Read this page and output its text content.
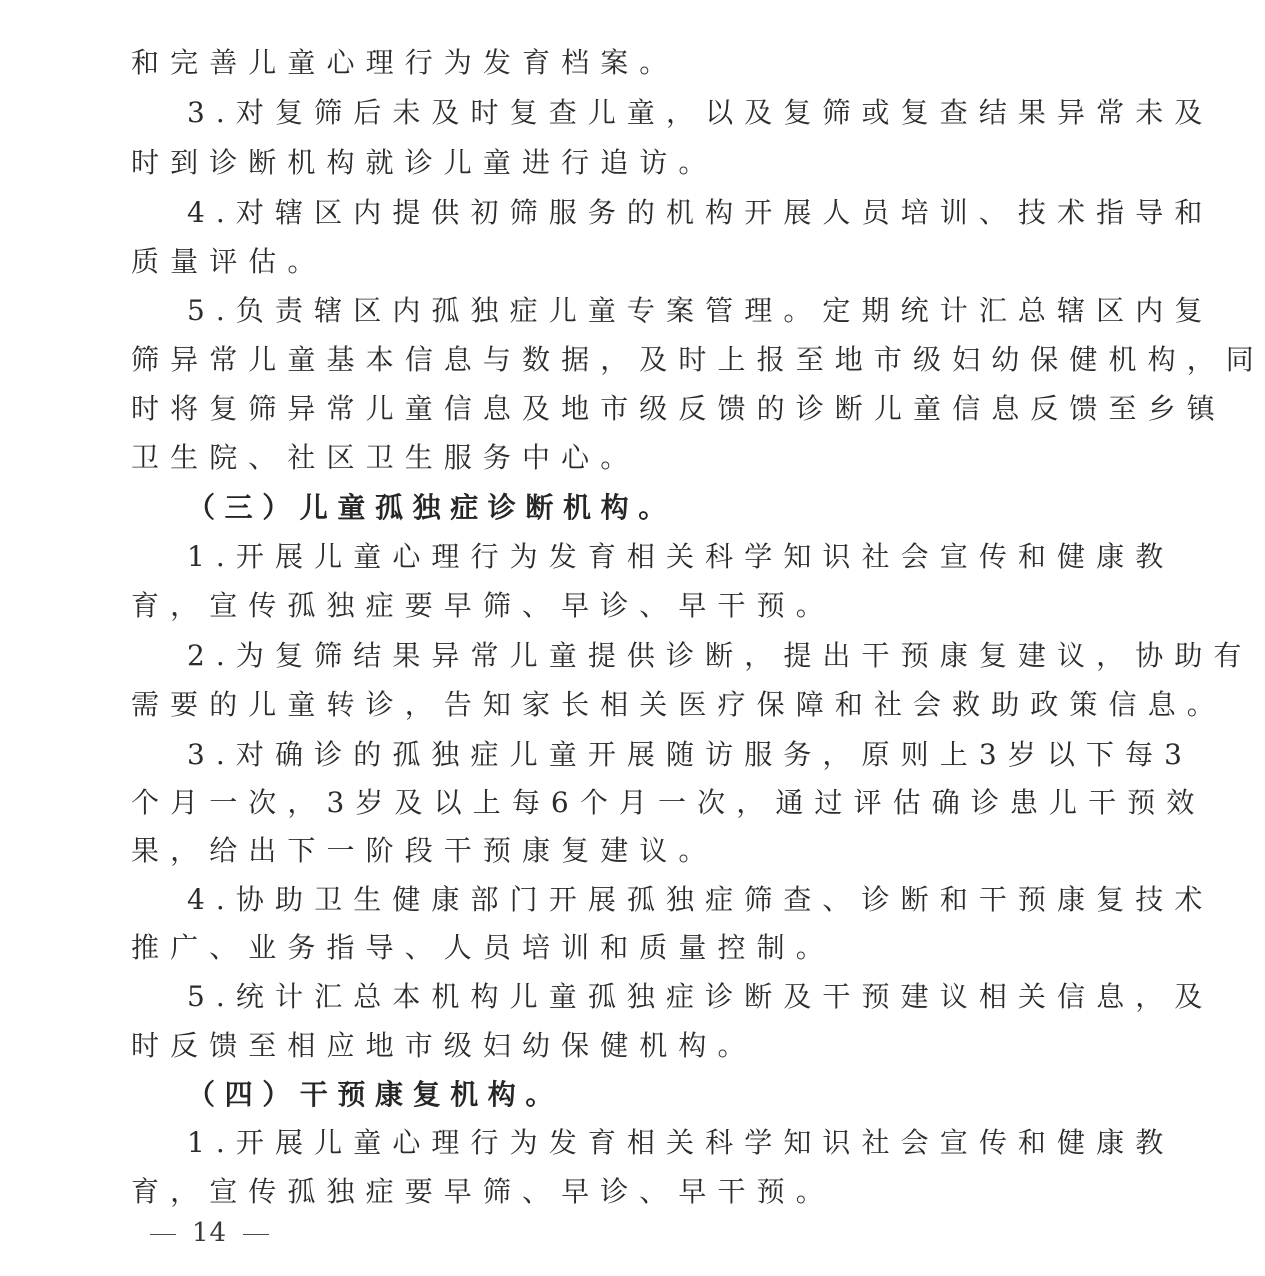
和完善儿童心理行为发育档案。
3.对复筛后未及时复查儿童，以及复筛或复查结果异常未及
时到诊断机构就诊儿童进行追访。
4.对辖区内提供初筛服务的机构开展人员培训、技术指导和
质量评估。
5.负责辖区内孤独症儿童专案管理。定期统计汇总辖区内复
筛异常儿童基本信息与数据，及时上报至地市级妇幼保健机构，同
时将复筛异常儿童信息及地市级反馈的诊断儿童信息反馈至乡镇
卫生院、社区卫生服务中心。
（三）儿童孤独症诊断机构。
1.开展儿童心理行为发育相关科学知识社会宣传和健康教
育，宣传孤独症要早筛、早诊、早干预。
2.为复筛结果异常儿童提供诊断，提出干预康复建议，协助有
需要的儿童转诊，告知家长相关医疗保障和社会救助政策信息。
3.对确诊的孤独症儿童开展随访服务，原则上3岁以下每3
个月一次，3岁及以上每6个月一次，通过评估确诊患儿干预效
果，给出下一阶段干预康复建议。
4.协助卫生健康部门开展孤独症筛查、诊断和干预康复技术
推广、业务指导、人员培训和质量控制。
5.统计汇总本机构儿童孤独症诊断及干预建议相关信息，及
时反馈至相应地市级妇幼保健机构。
（四）干预康复机构。
1.开展儿童心理行为发育相关科学知识社会宣传和健康教
育，宣传孤独症要早筛、早诊、早干预。
14
